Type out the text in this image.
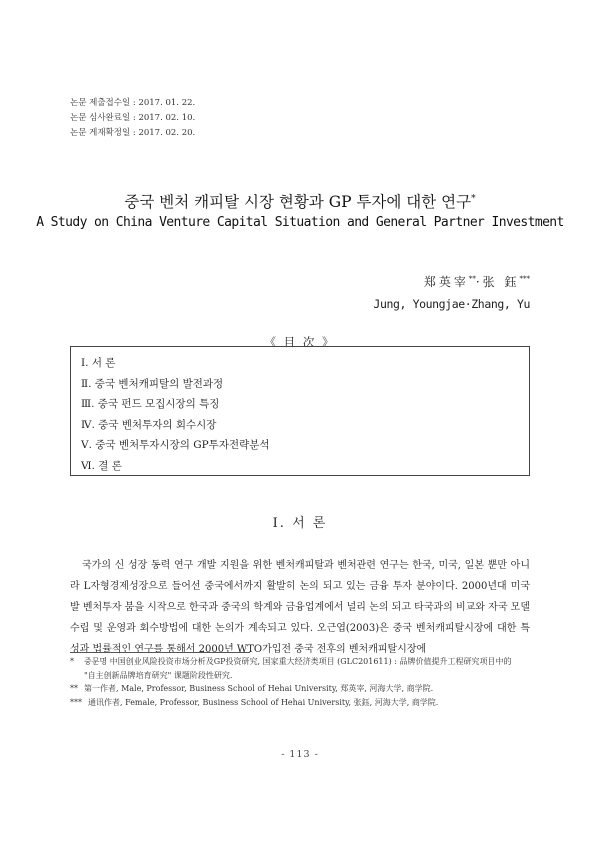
논문 제출접수일 : 2017. 01. 22.
논문 심사완료일 : 2017. 02. 10.
논문 게재확정일 : 2017. 02. 20.
중국 벤처 캐피탈 시장 현황과 GP 투자에 대한 연구*
A Study on China Venture Capital Situation and General Partner Investment
郑英宰**·张 鈺***
Jung, Youngjae·Zhang, Yu
《 目 次 》
Ⅰ. 서 론
Ⅱ. 중국 벤처캐피탈의 발전과정
Ⅲ. 중국 펀드 모집시장의 특징
Ⅳ. 중국 벤처투자의 회수시장
Ⅴ. 중국 벤처투자시장의 GP투자전략분석
Ⅵ. 결 론
Ⅰ. 서 론

국가의 신 성장 동력 연구 개발 지원을 위한 벤처캐피탈과 벤처관련 연구는 한국, 미국, 일본 뿐만 아니라 L자형경제성장으로 들어선 중국에서까지 활발히 논의 되고 있는 금융 투자 분야이다. 2000년대 미국 발 벤처투자 붐을 시작으로 한국과 중국의 학계와 금융업계에서 널리 논의 되고 타국과의 비교와 자국 모델수립 및 운영과 회수방법에 대한 논의가 계속되고 있다. 오근엽(2003)은 중국 벤처캐피탈시장에 대한 특성과 법률적인 연구를 통해서 2000년 WTO가입전 중국 전후의 벤처캐피탈시장에

*	중문명 中国创业风险投资市场分析及GP投资研究, 国家重大经济类项目 (GLC201611) : 品牌价值提升工程研究项目中的
"自主创新品牌培育研究" 课题阶段性研究.
** 第一作者, Male, Professor, Business School of Hehai University, 郑英宰, 河海大学, 商学院.
*** 通讯作者, Female, Professor, Business School of Hehai University, 张鈺, 河海大学, 商学院.
- 113 -
